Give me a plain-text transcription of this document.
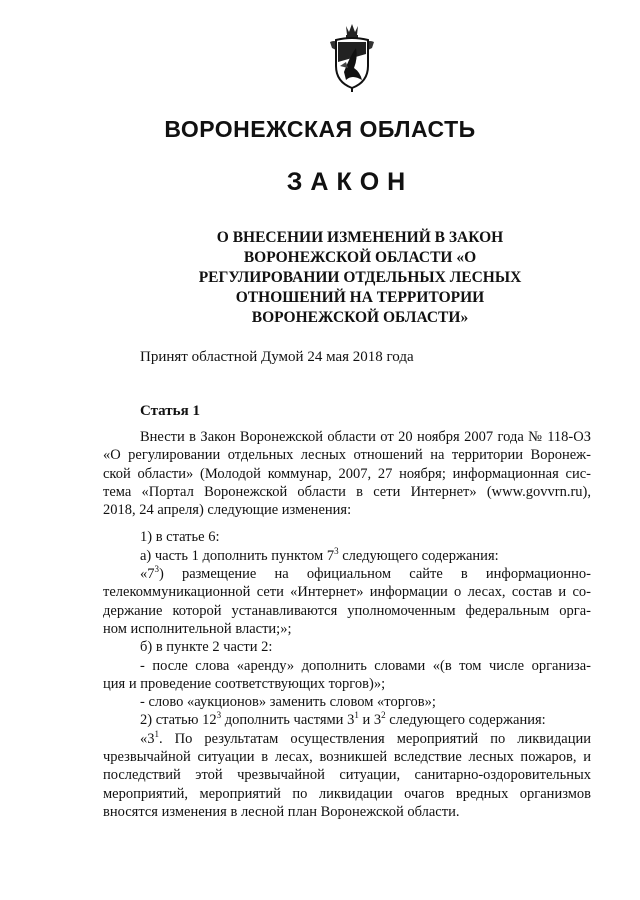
ВОРОНЕЖСКАЯ ОБЛАСТЬ
ЗАКОН
О ВНЕСЕНИИ ИЗМЕНЕНИЙ В ЗАКОН
ВОРОНЕЖСКОЙ ОБЛАСТИ «О
РЕГУЛИРОВАНИИ ОТДЕЛЬНЫХ ЛЕСНЫХ
ОТНОШЕНИЙ НА ТЕРРИТОРИИ
ВОРОНЕЖСКОЙ ОБЛАСТИ»
Принят областной Думой 24 мая 2018 года
Статья 1
Внести в Закон Воронежской области от 20 ноября 2007 года № 118-ОЗ
«О регулировании отдельных лесных отношений на территории Воронеж-
ской области» (Молодой коммунар, 2007, 27 ноября; информационная сис-
тема «Портал Воронежской области в сети Интернет» (www.govvrn.ru),
2018, 24 апреля) следующие изменения:
1) в статье 6:
а) часть 1 дополнить пунктом $7^3$ следующего содержания:
«$7^3$) размещение на официальном сайте в информационно-
телекоммуникационной сети «Интернет» информации о лесах, состав и со-
держание которой устанавливаются уполномоченным федеральным орга-
ном исполнительной власти;»;
б) в пункте 2 части 2:
- после слова «аренду» дополнить словами «(в том числе организа-
ция и проведение соответствующих торгов)»;
- слово «аукционов» заменить словом «торгов»;
2) статью $12^3$ дополнить частями $3^1$ и $3^2$ следующего содержания:
«$3^1$. По результатам осуществления мероприятий по ликвидации
чрезвычайной ситуации в лесах, возникшей вследствие лесных пожаров, и
последствий этой чрезвычайной ситуации, санитарно-оздоровительных
мероприятий, мероприятий по ликвидации очагов вредных организмов
вносятся изменения в лесной план Воронежской области.
